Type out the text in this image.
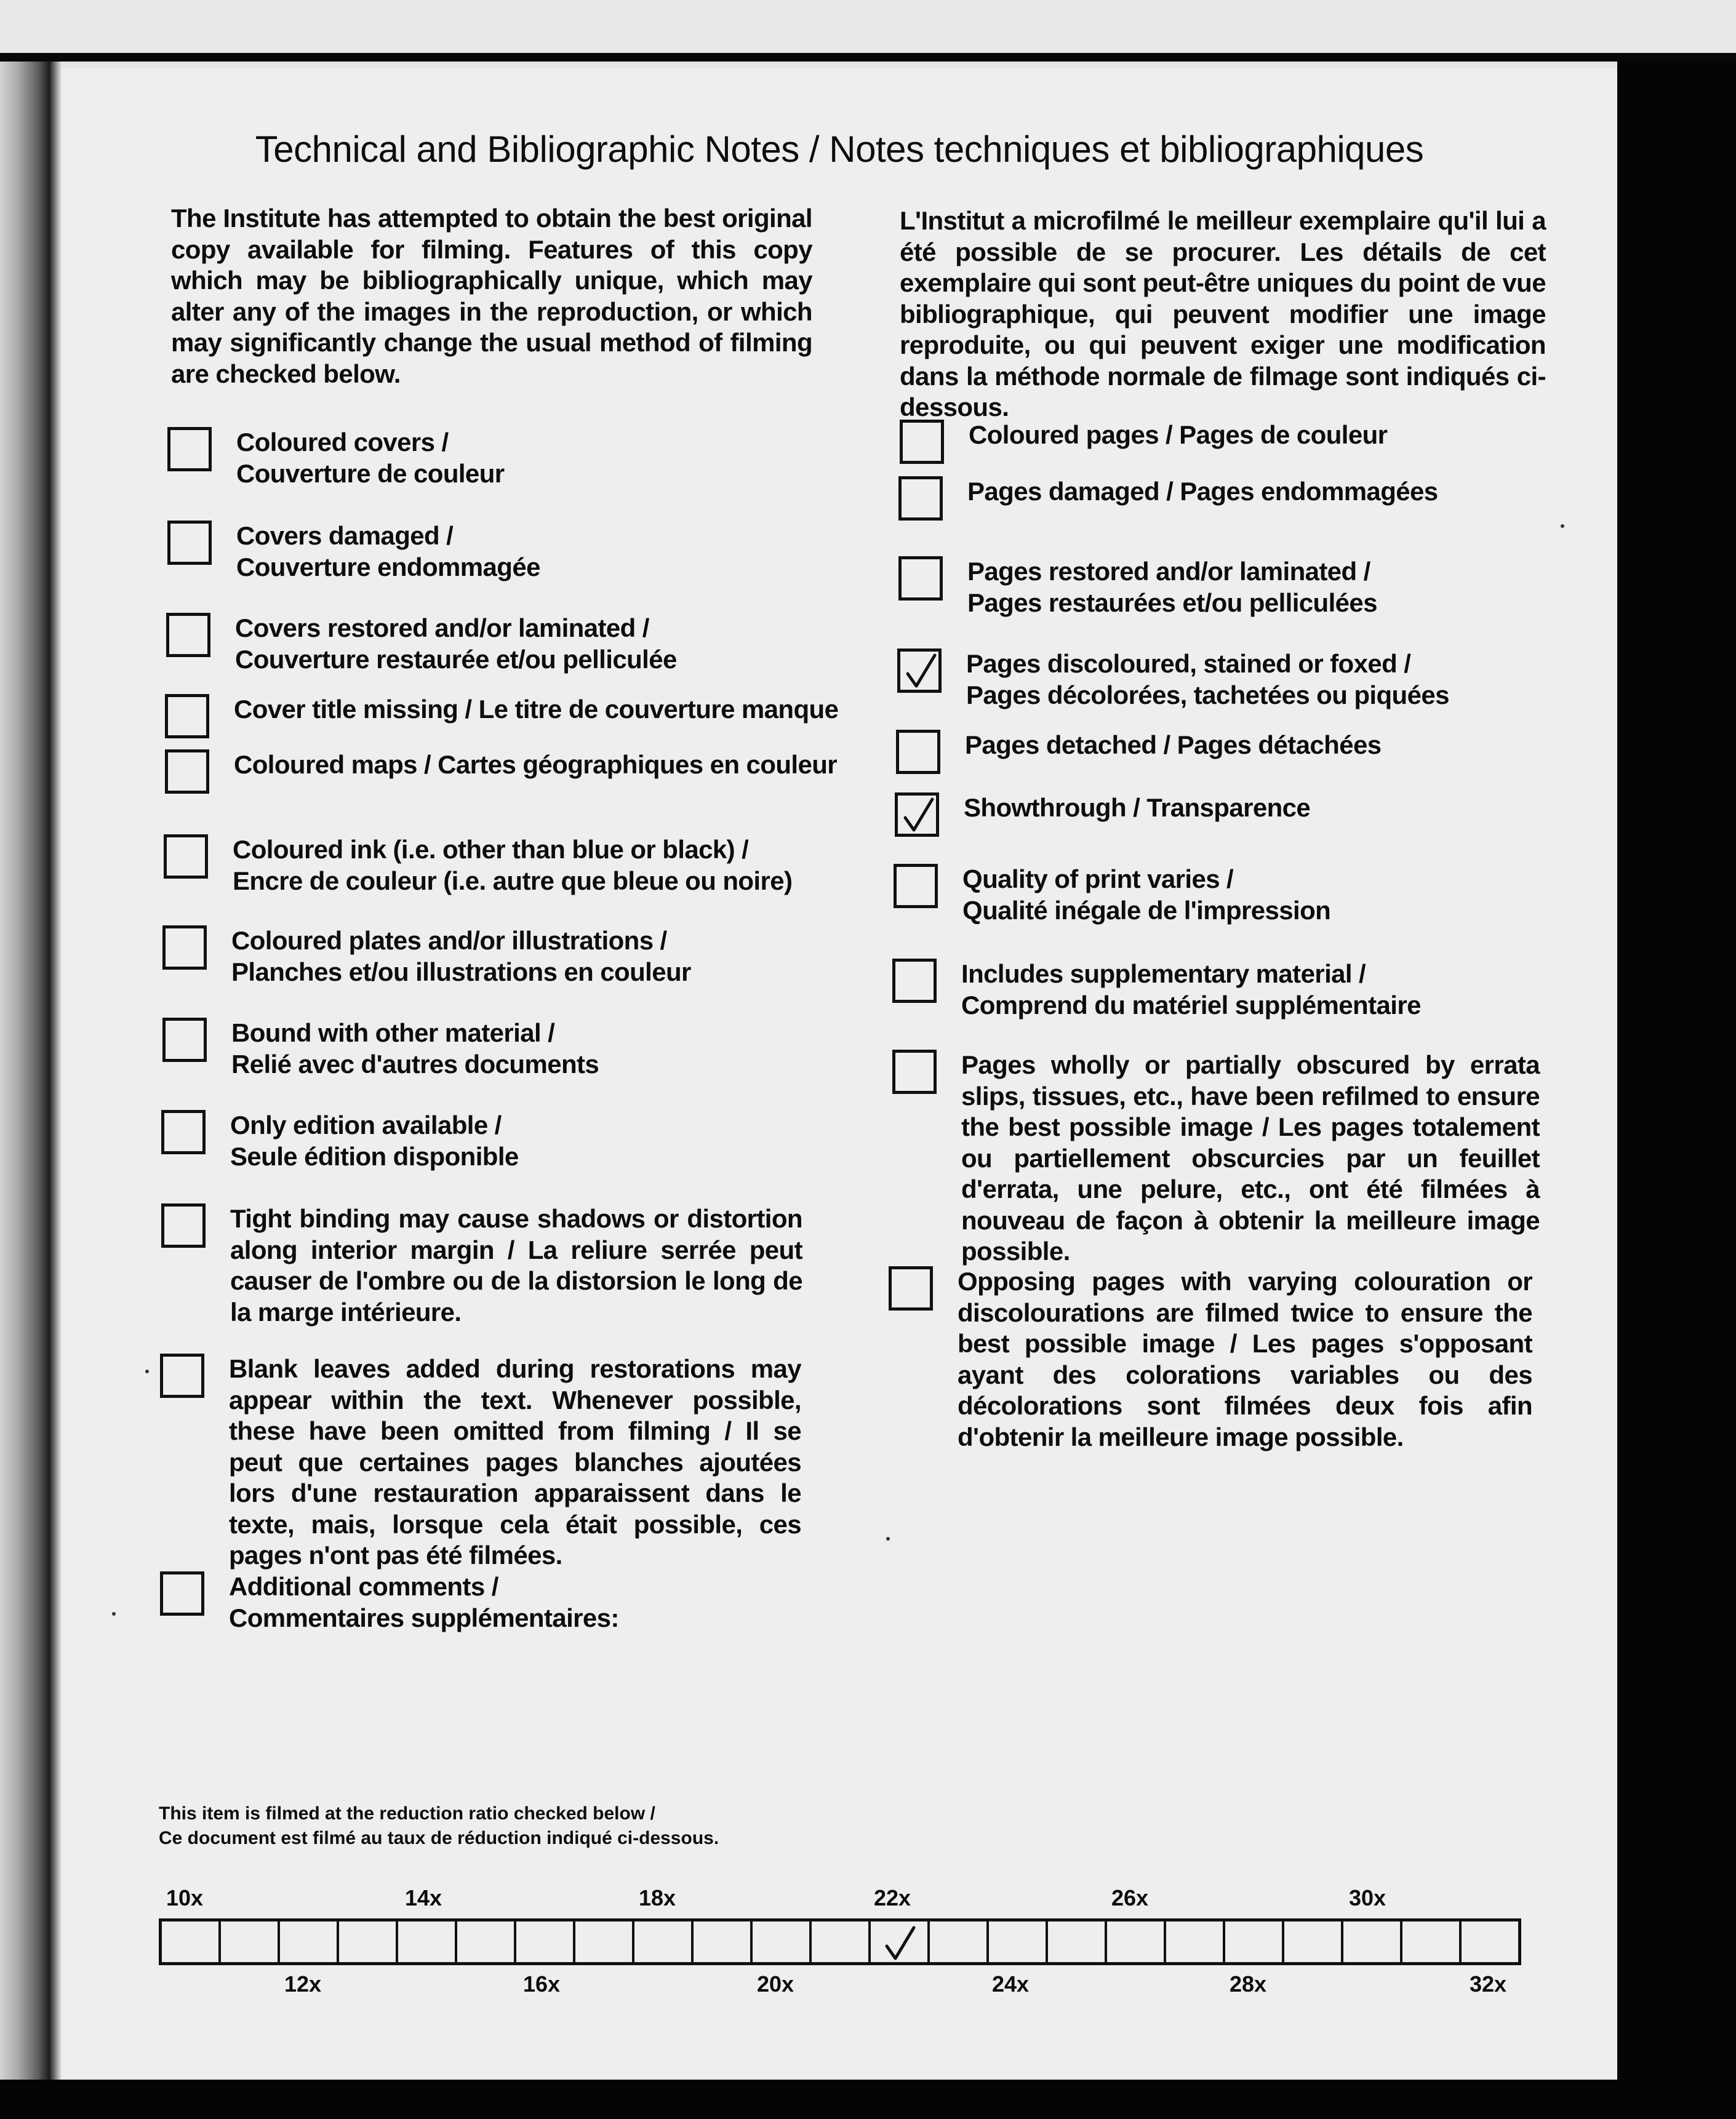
Technical and Bibliographic Notes / Notes techniques et bibliographiques
The Institute has attempted to obtain the best original copy available for filming. Features of this copy which may be bibliographically unique, which may alter any of the images in the reproduction, or which may significantly change the usual method of filming are checked below.
L'Institut a microfilmé le meilleur exemplaire qu'il lui a été possible de se procurer. Les détails de cet exemplaire qui sont peut-être uniques du point de vue bibliographique, qui peuvent modifier une image reproduite, ou qui peuvent exiger une modification dans la méthode normale de filmage sont indiqués ci-dessous.
Coloured covers /
Couverture de couleur
Covers damaged /
Couverture endommagée
Covers restored and/or laminated /
Couverture restaurée et/ou pelliculée
Cover title missing / Le titre de couverture manque
Coloured maps / Cartes géographiques en couleur
Coloured ink (i.e. other than blue or black) /
Encre de couleur (i.e. autre que bleue ou noire)
Coloured plates and/or illustrations /
Planches et/ou illustrations en couleur
Bound with other material /
Relié avec d'autres documents
Only edition available /
Seule édition disponible
Tight binding may cause shadows or distortion along interior margin / La reliure serrée peut causer de l'ombre ou de la distorsion le long de la marge intérieure.
Blank leaves added during restorations may appear within the text. Whenever possible, these have been omitted from filming / Il se peut que certaines pages blanches ajoutées lors d'une restauration apparaissent dans le texte, mais, lorsque cela était possible, ces pages n'ont pas été filmées.
Additional comments /
Commentaires supplémentaires:
Coloured pages / Pages de couleur
Pages damaged / Pages endommagées
Pages restored and/or laminated /
Pages restaurées et/ou pelliculées
Pages discoloured, stained or foxed /
Pages décolorées, tachetées ou piquées
Pages detached / Pages détachées
Showthrough / Transparence
Quality of print varies /
Qualité inégale de l'impression
Includes supplementary material /
Comprend du matériel supplémentaire
Pages wholly or partially obscured by errata slips, tissues, etc., have been refilmed to ensure the best possible image / Les pages totalement ou partiellement obscurcies par un feuillet d'errata, une pelure, etc., ont été filmées à nouveau de façon à obtenir la meilleure image possible.
Opposing pages with varying colouration or discolourations are filmed twice to ensure the best possible image / Les pages s'opposant ayant des colorations variables ou des décolorations sont filmées deux fois afin d'obtenir la meilleure image possible.
This item is filmed at the reduction ratio checked below /
Ce document est filmé au taux de réduction indiqué ci-dessous.
10x	14x	18x	22x	26x	30x
12x	16x	20x	24x	28x	32x
